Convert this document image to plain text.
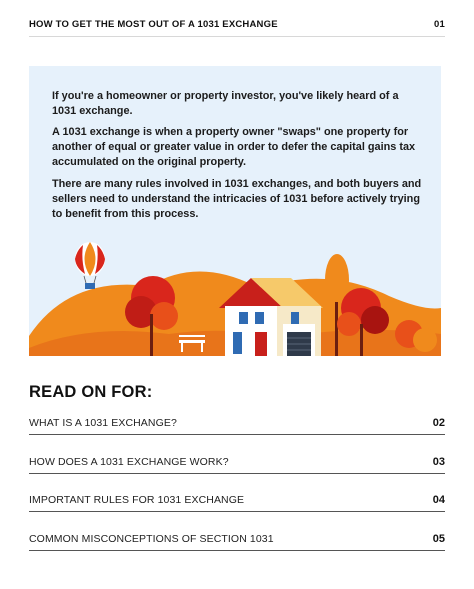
HOW TO GET THE MOST OUT OF A 1031 EXCHANGE	01

If you're a homeowner or property investor, you've likely heard of a 1031 exchange.

A 1031 exchange is when a property owner "swaps" one property for another of equal or greater value in order to defer the capital gains tax accumulated on the original property.

There are many rules involved in 1031 exchanges, and both buyers and sellers need to understand the intricacies of 1031 before actively trying to benefit from this process.

READ ON FOR:
WHAT IS A 1031 EXCHANGE?	02
HOW DOES A 1031 EXCHANGE WORK?	03
IMPORTANT RULES FOR 1031 EXCHANGE	04
COMMON MISCONCEPTIONS OF SECTION 1031	05
